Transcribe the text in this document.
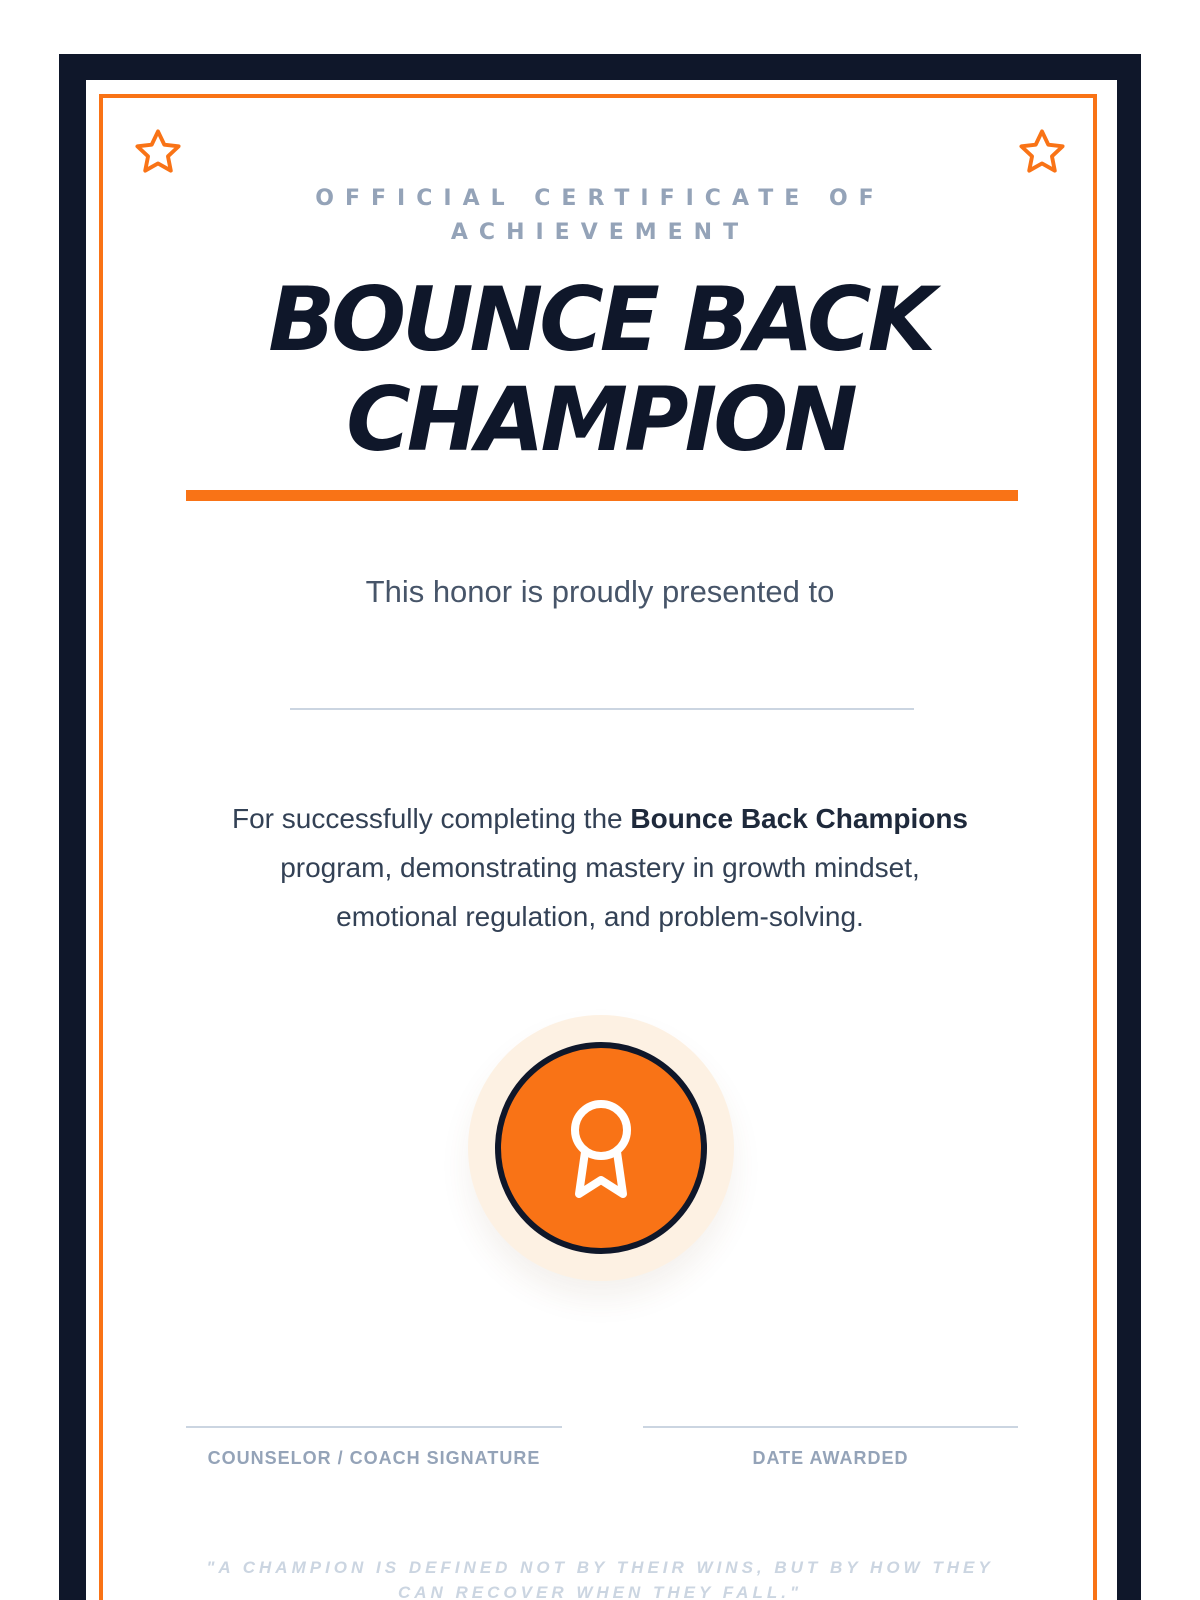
OFFICIAL CERTIFICATE OF ACHIEVEMENT
BOUNCE BACK
CHAMPION
This honor is proudly presented to
For successfully completing the Bounce Back Champions program, demonstrating mastery in growth mindset, emotional regulation, and problem-solving.
COUNSELOR / COACH SIGNATURE	DATE AWARDED
"A CHAMPION IS DEFINED NOT BY THEIR WINS, BUT BY HOW THEY CAN RECOVER WHEN THEY FALL."
